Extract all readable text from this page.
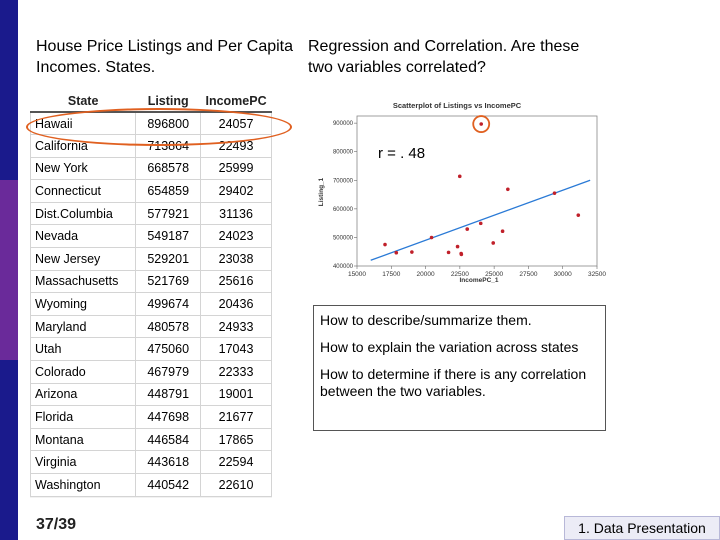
House Price Listings and Per Capita Incomes. States.
Regression and Correlation. Are these two variables correlated?
State	Listing	IncomePC
Hawaii	896800	24057
California	713864	22493
New York	668578	25999
Connecticut	654859	29402
Dist.Columbia	577921	31136
Nevada	549187	24023
New Jersey	529201	23038
Massachusetts	521769	25616
Wyoming	499674	20436
Maryland	480578	24933
Utah	475060	17043
Colorado	467979	22333
Arizona	448791	19001
Florida	447698	21677
Montana	446584	17865
Virginia	443618	22594
Washington	440542	22610
Scatterplot of Listings vs IncomePC
15000 17500 20000 22500 25000 27500 30000 32500
400000
500000
600000
700000
800000
900000
IncomePC_1
Listing_1
r = . 48

How to describe/summarize them.

How to explain the variation across states

How to determine if there is any correlation between the two variables.

37/39	1. Data Presentation
